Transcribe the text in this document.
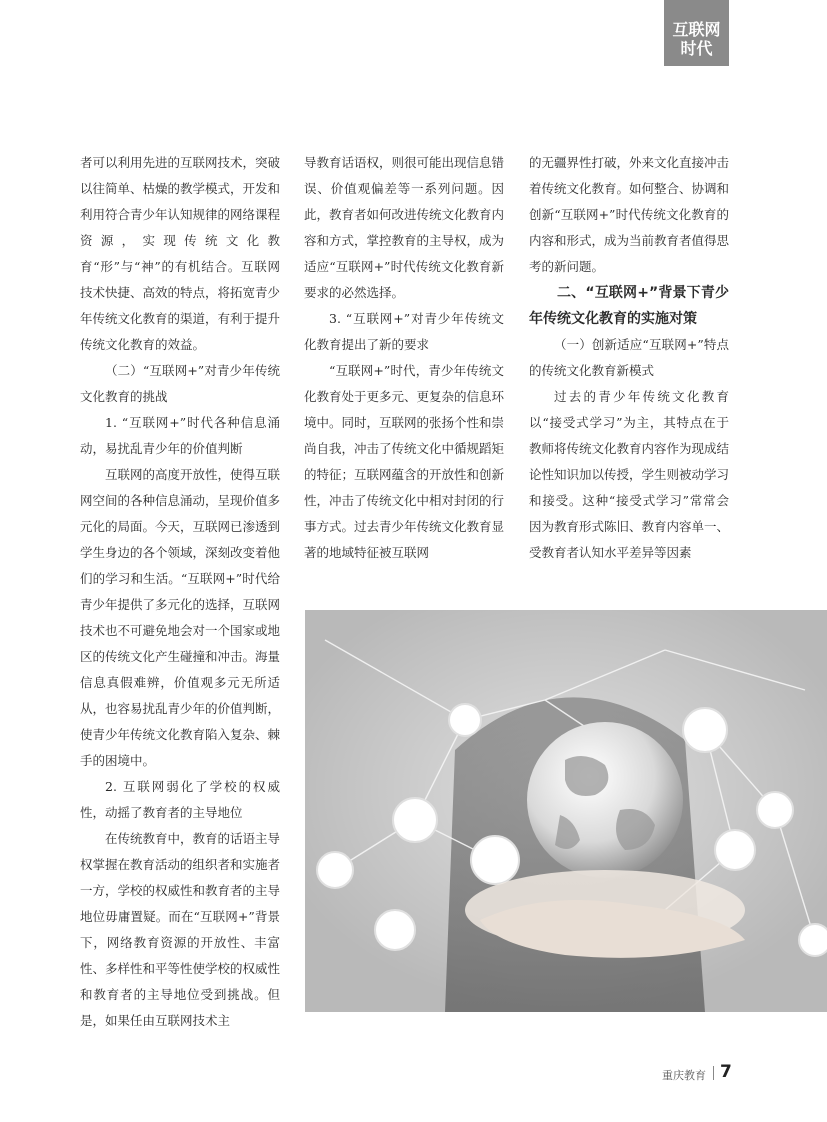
互联网
时代

者可以利用先进的互联网技术，突破以往简单、枯燥的教学模式，开发和利用符合青少年认知规律的网络课程资源，实现传统文化教育“形”与“神”的有机结合。互联网技术快捷、高效的特点，将拓宽青少年传统文化教育的渠道，有利于提升传统文化教育的效益。

（二）“互联网+”对青少年传统文化教育的挑战

1. “互联网+”时代各种信息涌动，易扰乱青少年的价值判断

互联网的高度开放性，使得互联网空间的各种信息涌动，呈现价值多元化的局面。今天，互联网已渗透到学生身边的各个领域，深刻改变着他们的学习和生活。“互联网+”时代给青少年提供了多元化的选择，互联网技术也不可避免地会对一个国家或地区的传统文化产生碰撞和冲击。海量信息真假难辨，价值观多元无所适从，也容易扰乱青少年的价值判断，使青少年传统文化教育陷入复杂、棘手的困境中。

2. 互联网弱化了学校的权威性，动摇了教育者的主导地位

在传统教育中，教育的话语主导权掌握在教育活动的组织者和实施者一方，学校的权威性和教育者的主导地位毋庸置疑。而在“互联网+”背景下，网络教育资源的开放性、丰富性、多样性和平等性使学校的权威性和教育者的主导地位受到挑战。但是，如果任由互联网技术主

导教育话语权，则很可能出现信息错误、价值观偏差等一系列问题。因此，教育者如何改进传统文化教育内容和方式，掌控教育的主导权，成为适应“互联网+”时代传统文化教育新要求的必然选择。

3. “互联网+”对青少年传统文化教育提出了新的要求

“互联网+”时代，青少年传统文化教育处于更多元、更复杂的信息环境中。同时，互联网的张扬个性和崇尚自我，冲击了传统文化中循规蹈矩的特征；互联网蕴含的开放性和创新性，冲击了传统文化中相对封闭的行事方式。过去青少年传统文化教育显著的地域特征被互联网

的无疆界性打破，外来文化直接冲击着传统文化教育。如何整合、协调和创新“互联网+”时代传统文化教育的内容和形式，成为当前教育者值得思考的新问题。

二、“互联网+”背景下青少年传统文化教育的实施对策

（一）创新适应“互联网+”特点的传统文化教育新模式

过去的青少年传统文化教育以“接受式学习”为主，其特点在于教师将传统文化教育内容作为现成结论性知识加以传授，学生则被动学习和接受。这种“接受式学习”常常会因为教育形式陈旧、教育内容单一、受教育者认知水平差异等因素

重庆教育 7
